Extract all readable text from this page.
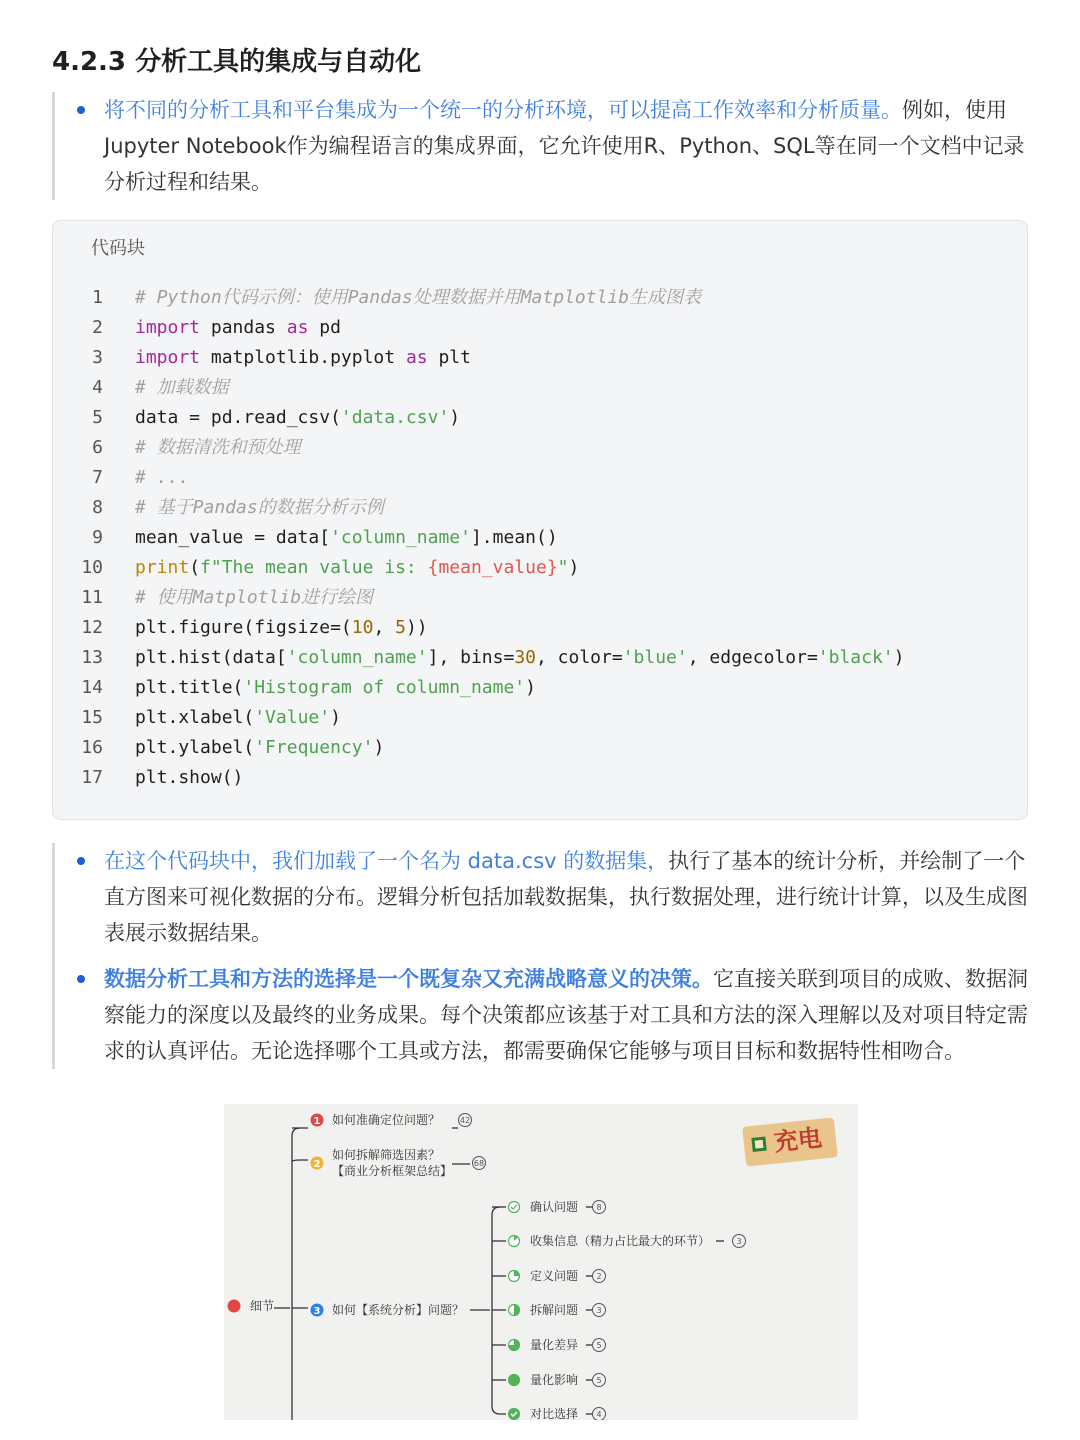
4.2.3 分析工具的集成与自动化
将不同的分析工具和平台集成为一个统一的分析环境，可以提高工作效率和分析质量。例如，使用Jupyter Notebook作为编程语言的集成界面，它允许使用R、Python、SQL等在同一个文档中记录分析过程和结果。
代码块
1 # Python代码示例：使用Pandas处理数据并用Matplotlib生成图表
2 import pandas as pd
3 import matplotlib.pyplot as plt
4 # 加载数据
5 data = pd.read_csv('data.csv')
6 # 数据清洗和预处理
7 # ...
8 # 基于Pandas的数据分析示例
9 mean_value = data['column_name'].mean()
10 print(f"The mean value is: {mean_value}")
11 # 使用Matplotlib进行绘图
12 plt.figure(figsize=(10, 5))
13 plt.hist(data['column_name'], bins=30, color='blue', edgecolor='black')
14 plt.title('Histogram of column_name')
15 plt.xlabel('Value')
16 plt.ylabel('Frequency')
17 plt.show()
在这个代码块中，我们加载了一个名为 data.csv 的数据集，执行了基本的统计分析，并绘制了一个直方图来可视化数据的分布。逻辑分析包括加载数据集，执行数据处理，进行统计计算，以及生成图表展示数据结果。
数据分析工具和方法的选择是一个既复杂又充满战略意义的决策。它直接关联到项目的成败、数据洞察能力的深度以及最终的业务成果。每个决策都应该基于对工具和方法的深入理解以及对项目特定需求的认真评估。无论选择哪个工具或方法，都需要确保它能够与项目目标和数据特性相吻合。
1
2
3
42
68
8
3
2
3
5
5
4
细节
如何准确定位问题？
如何拆解筛选因素？
【商业分析框架总结】
如何【系统分析】问题？
确认问题
收集信息（精力占比最大的环节）
定义问题
拆解问题
量化差异
量化影响
对比选择
充电
